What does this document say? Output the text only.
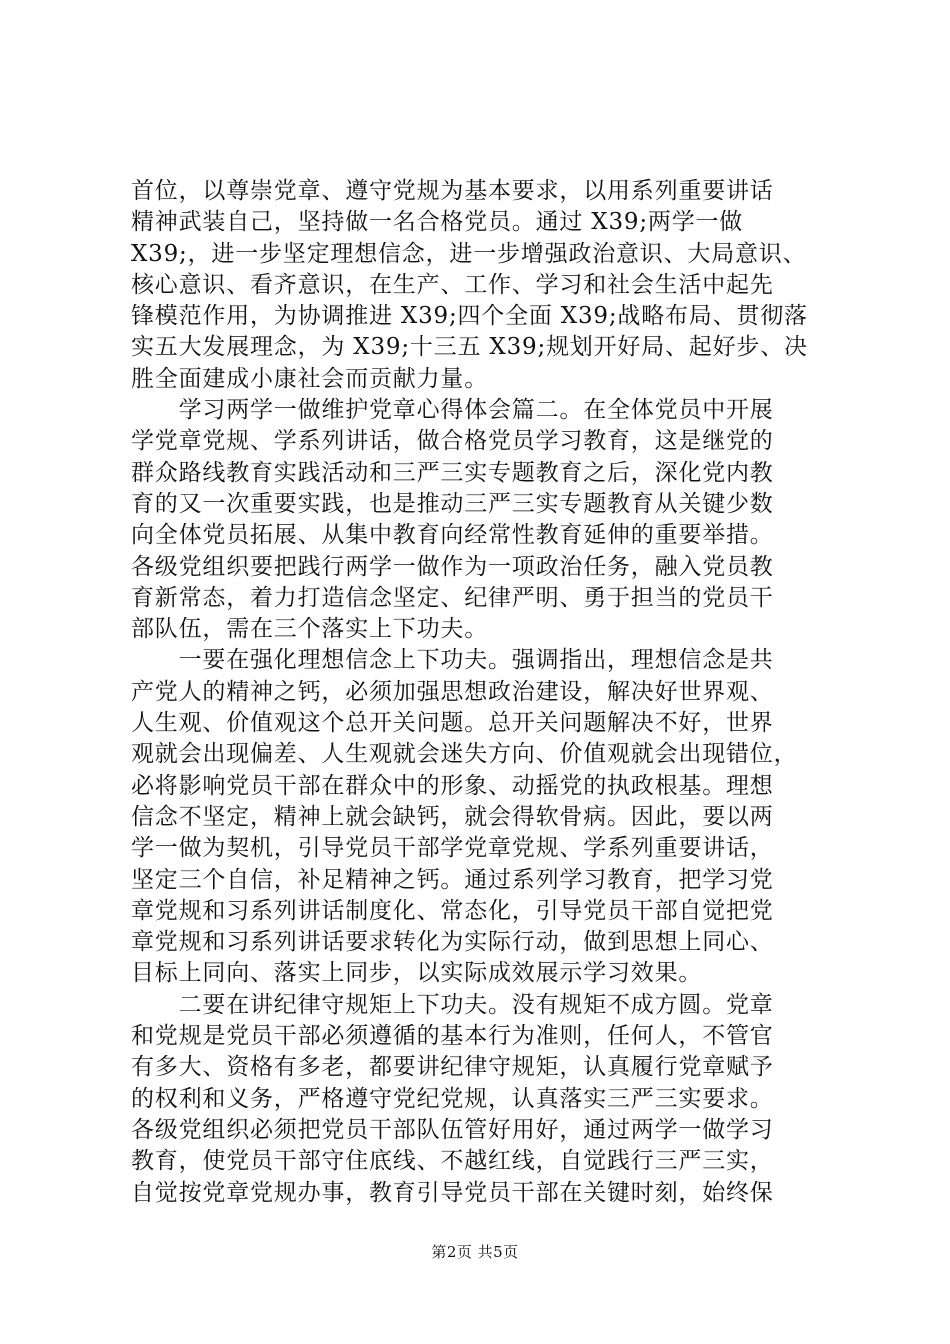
首位，以尊崇党章、遵守党规为基本要求，以用系列重要讲话
精神武装自己，坚持做一名合格党员。通过 X39;两学一做
X39;，进一步坚定理想信念，进一步增强政治意识、大局意识、
核心意识、看齐意识，在生产、工作、学习和社会生活中起先
锋模范作用，为协调推进 X39;四个全面 X39;战略布局、贯彻落
实五大发展理念，为 X39;十三五 X39;规划开好局、起好步、决
胜全面建成小康社会而贡献力量。
　　学习两学一做维护党章心得体会篇二。在全体党员中开展
学党章党规、学系列讲话，做合格党员学习教育，这是继党的
群众路线教育实践活动和三严三实专题教育之后，深化党内教
育的又一次重要实践，也是推动三严三实专题教育从关键少数
向全体党员拓展、从集中教育向经常性教育延伸的重要举措。
各级党组织要把践行两学一做作为一项政治任务，融入党员教
育新常态，着力打造信念坚定、纪律严明、勇于担当的党员干
部队伍，需在三个落实上下功夫。
　　一要在强化理想信念上下功夫。强调指出，理想信念是共
产党人的精神之钙，必须加强思想政治建设，解决好世界观、
人生观、价值观这个总开关问题。总开关问题解决不好，世界
观就会出现偏差、人生观就会迷失方向、价值观就会出现错位，
必将影响党员干部在群众中的形象、动摇党的执政根基。理想
信念不坚定，精神上就会缺钙，就会得软骨病。因此，要以两
学一做为契机，引导党员干部学党章党规、学系列重要讲话，
坚定三个自信，补足精神之钙。通过系列学习教育，把学习党
章党规和习系列讲话制度化、常态化，引导党员干部自觉把党
章党规和习系列讲话要求转化为实际行动，做到思想上同心、
目标上同向、落实上同步，以实际成效展示学习效果。
　　二要在讲纪律守规矩上下功夫。没有规矩不成方圆。党章
和党规是党员干部必须遵循的基本行为准则，任何人，不管官
有多大、资格有多老，都要讲纪律守规矩，认真履行党章赋予
的权利和义务，严格遵守党纪党规，认真落实三严三实要求。
各级党组织必须把党员干部队伍管好用好，通过两学一做学习
教育，使党员干部守住底线、不越红线，自觉践行三严三实，
自觉按党章党规办事，教育引导党员干部在关键时刻，始终保
第2页 共5页
